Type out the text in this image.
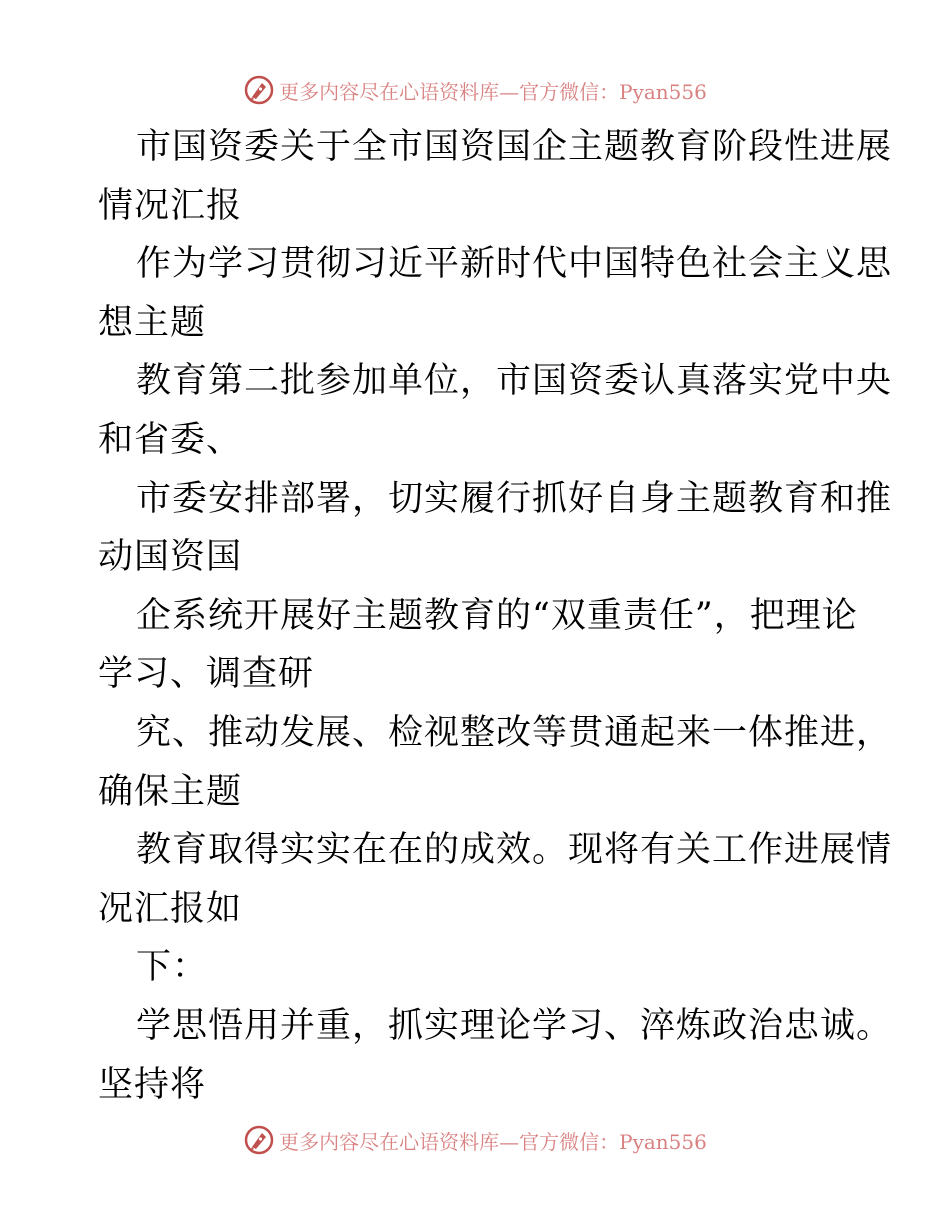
更多内容尽在心语资料库—官方微信：Pyan556
市国资委关于全市国资国企主题教育阶段性进展
情况汇报
作为学习贯彻习近平新时代中国特色社会主义思
想主题
教育第二批参加单位，市国资委认真落实党中央
和省委、
市委安排部署，切实履行抓好自身主题教育和推
动国资国
企系统开展好主题教育的“双重责任”，把理论
学习、调查研
究、推动发展、检视整改等贯通起来一体推进，
确保主题
教育取得实实在在的成效。现将有关工作进展情
况汇报如
下：
学思悟用并重，抓实理论学习、淬炼政治忠诚。
坚持将
更多内容尽在心语资料库—官方微信：Pyan556
